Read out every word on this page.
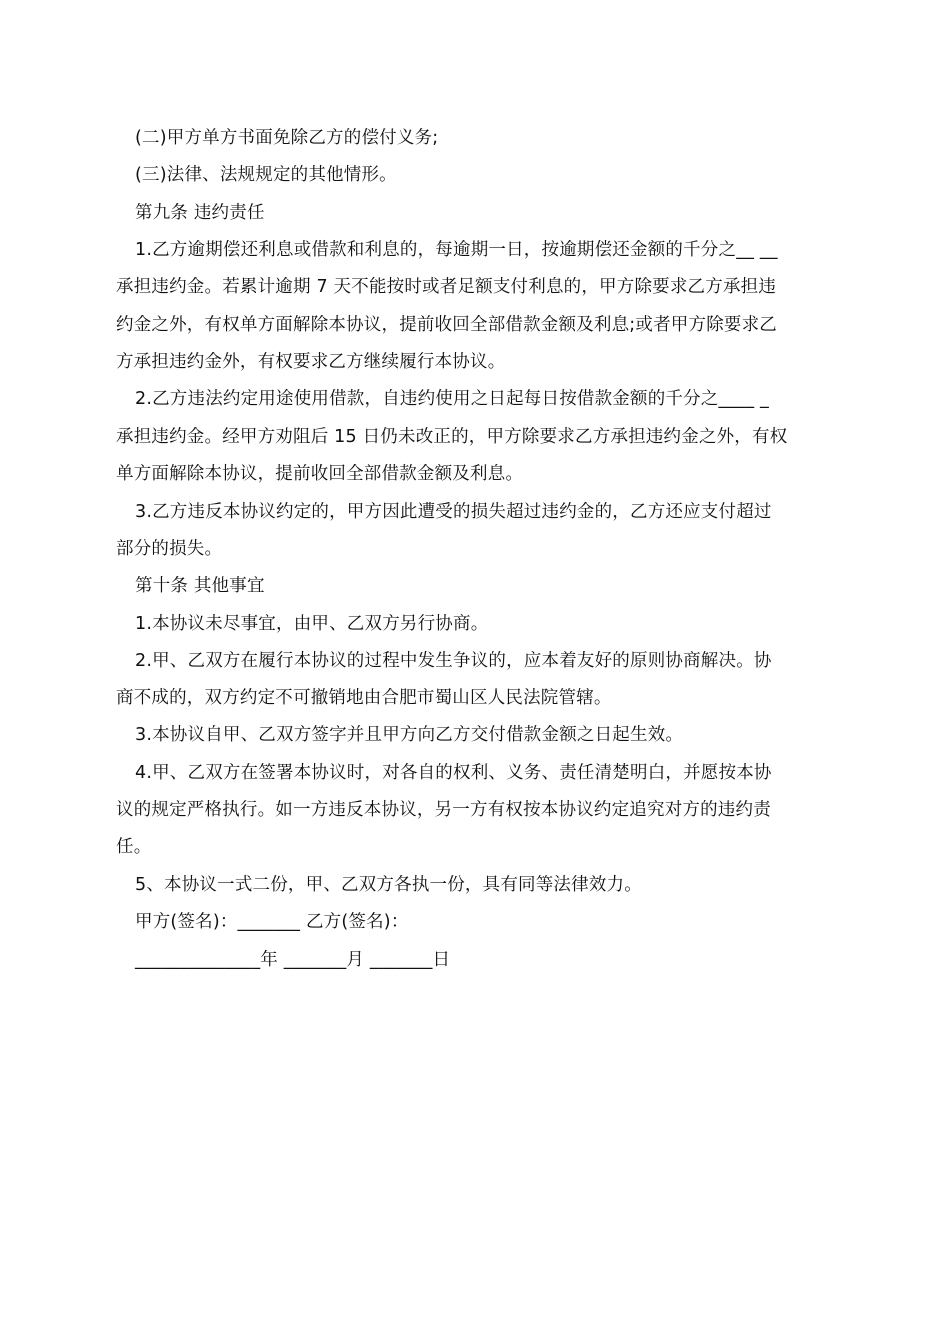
(二)甲方单方书面免除乙方的偿付义务;
(三)法律、法规规定的其他情形。
第九条 违约责任
1.乙方逾期偿还利息或借款和利息的，每逾期一日，按逾期偿还金额的千分之__ __
承担违约金。若累计逾期 7 天不能按时或者足额支付利息的，甲方除要求乙方承担违
约金之外，有权单方面解除本协议，提前收回全部借款金额及利息;或者甲方除要求乙
方承担违约金外，有权要求乙方继续履行本协议。
2.乙方违法约定用途使用借款，自违约使用之日起每日按借款金额的千分之____ _
承担违约金。经甲方劝阻后 15 日仍未改正的，甲方除要求乙方承担违约金之外，有权
单方面解除本协议，提前收回全部借款金额及利息。
3.乙方违反本协议约定的，甲方因此遭受的损失超过违约金的，乙方还应支付超过
部分的损失。
第十条 其他事宜
1.本协议未尽事宜，由甲、乙双方另行协商。
2.甲、乙双方在履行本协议的过程中发生争议的，应本着友好的原则协商解决。协
商不成的，双方约定不可撤销地由合肥市蜀山区人民法院管辖。
3.本协议自甲、乙双方签字并且甲方向乙方交付借款金额之日起生效。
4.甲、乙双方在签署本协议时，对各自的权利、义务、责任清楚明白，并愿按本协
议的规定严格执行。如一方违反本协议，另一方有权按本协议约定追究对方的违约责
任。
5、本协议一式二份，甲、乙双方各执一份，具有同等法律效力。
甲方(签名)：_______ 乙方(签名)：
______________年 _______月 _______日
